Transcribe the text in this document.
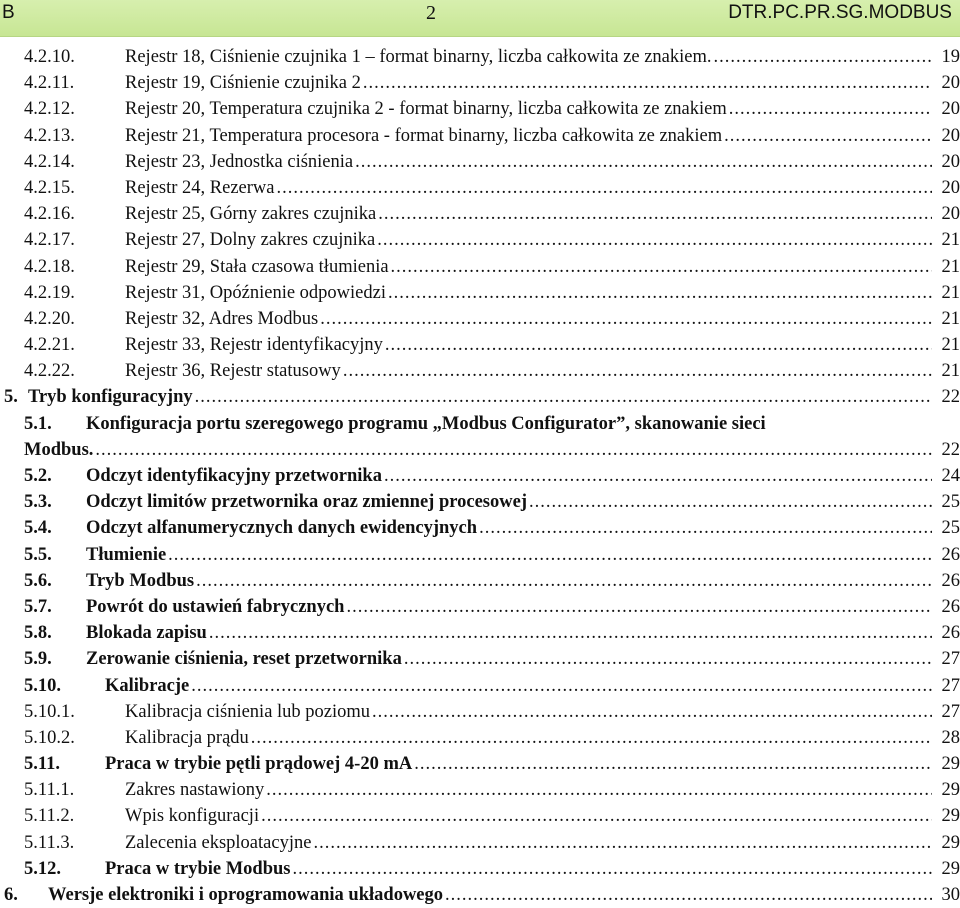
B	2	DTR.PC.PR.SG.MODBUS
4.2.10.	Rejestr 18, Ciśnienie czujnika 1 – format binarny, liczba całkowita ze znakiem. .....	19
4.2.11.	Rejestr 19, Ciśnienie czujnika 2 .....	20
4.2.12.	Rejestr 20, Temperatura czujnika 2 - format binarny, liczba całkowita ze znakiem .....	20
4.2.13.	Rejestr 21, Temperatura procesora - format binarny, liczba całkowita ze znakiem .....	20
4.2.14.	Rejestr 23, Jednostka ciśnienia .....	20
4.2.15.	Rejestr 24, Rezerwa .....	20
4.2.16.	Rejestr 25, Górny zakres czujnika .....	20
4.2.17.	Rejestr 27, Dolny zakres czujnika .....	21
4.2.18.	Rejestr 29, Stała czasowa tłumienia .....	21
4.2.19.	Rejestr 31, Opóźnienie odpowiedzi .....	21
4.2.20.	Rejestr 32, Adres Modbus .....	21
4.2.21.	Rejestr 33, Rejestr identyfikacyjny .....	21
4.2.22.	Rejestr 36, Rejestr statusowy .....	21
5. Tryb konfiguracyjny .....	22
5.1. Konfiguracja portu szeregowego programu „Modbus Configurator”, skanowanie sieci
Modbus. .....	22
5.2. Odczyt identyfikacyjny przetwornika .....	24
5.3. Odczyt limitów przetwornika oraz zmiennej procesowej .....	25
5.4. Odczyt alfanumerycznych danych ewidencyjnych .....	25
5.5. Tłumienie .....	26
5.6. Tryb Modbus .....	26
5.7. Powrót do ustawień fabrycznych .....	26
5.8. Blokada zapisu .....	26
5.9. Zerowanie ciśnienia, reset przetwornika .....	27
5.10. Kalibracje .....	27
5.10.1.	Kalibracja ciśnienia lub poziomu .....	27
5.10.2.	Kalibracja prądu .....	28
5.11. Praca w trybie pętli prądowej 4-20 mA .....	29
5.11.1.	Zakres nastawiony .....	29
5.11.2.	Wpis konfiguracji .....	29
5.11.3.	Zalecenia eksploatacyjne .....	29
5.12. Praca w trybie Modbus .....	29
6. Wersje elektroniki i oprogramowania układowego .....	30
